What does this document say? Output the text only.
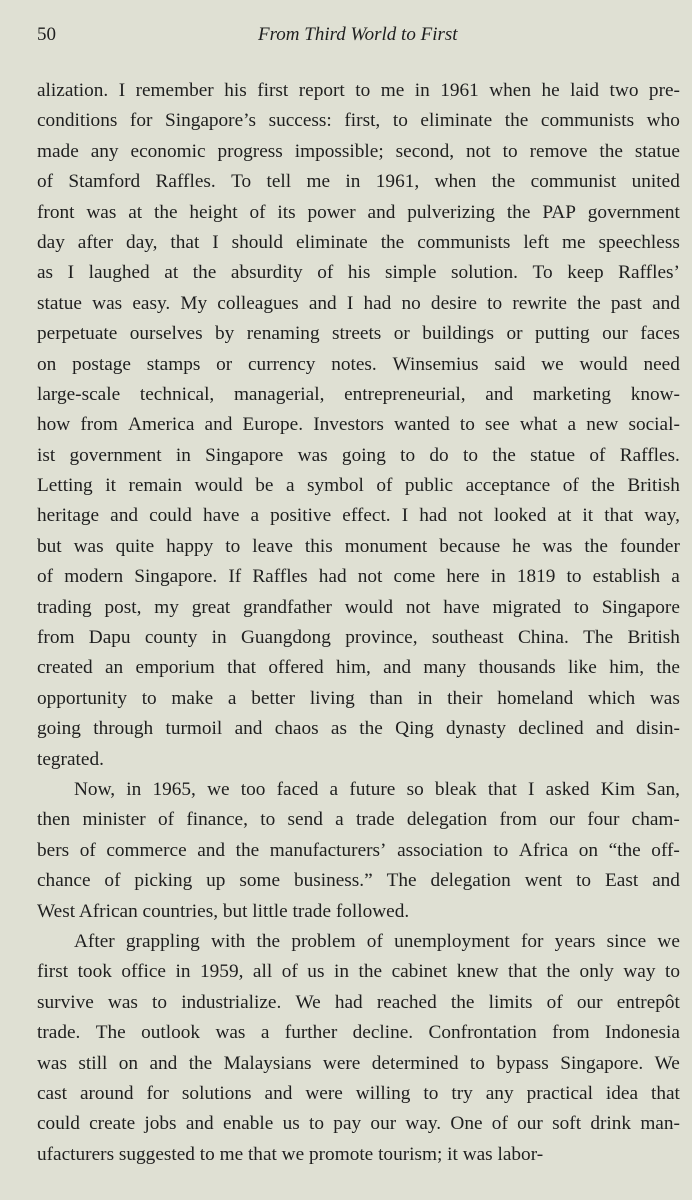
50	From Third World to First
alization. I remember his first report to me in 1961 when he laid two pre-
conditions for Singapore’s success: first, to eliminate the communists who
made any economic progress impossible; second, not to remove the statue
of Stamford Raffles. To tell me in 1961, when the communist united
front was at the height of its power and pulverizing the PAP government
day after day, that I should eliminate the communists left me speechless
as I laughed at the absurdity of his simple solution. To keep Raffles’
statue was easy. My colleagues and I had no desire to rewrite the past and
perpetuate ourselves by renaming streets or buildings or putting our faces
on postage stamps or currency notes. Winsemius said we would need
large-scale technical, managerial, entrepreneurial, and marketing know-
how from America and Europe. Investors wanted to see what a new social-
ist government in Singapore was going to do to the statue of Raffles.
Letting it remain would be a symbol of public acceptance of the British
heritage and could have a positive effect. I had not looked at it that way,
but was quite happy to leave this monument because he was the founder
of modern Singapore. If Raffles had not come here in 1819 to establish a
trading post, my great grandfather would not have migrated to Singapore
from Dapu county in Guangdong province, southeast China. The British
created an emporium that offered him, and many thousands like him, the
opportunity to make a better living than in their homeland which was
going through turmoil and chaos as the Qing dynasty declined and disin-
tegrated.
Now, in 1965, we too faced a future so bleak that I asked Kim San,
then minister of finance, to send a trade delegation from our four cham-
bers of commerce and the manufacturers’ association to Africa on “the off-
chance of picking up some business.” The delegation went to East and
West African countries, but little trade followed.
After grappling with the problem of unemployment for years since we
first took office in 1959, all of us in the cabinet knew that the only way to
survive was to industrialize. We had reached the limits of our entrepôt
trade. The outlook was a further decline. Confrontation from Indonesia
was still on and the Malaysians were determined to bypass Singapore. We
cast around for solutions and were willing to try any practical idea that
could create jobs and enable us to pay our way. One of our soft drink man-
ufacturers suggested to me that we promote tourism; it was labor-
